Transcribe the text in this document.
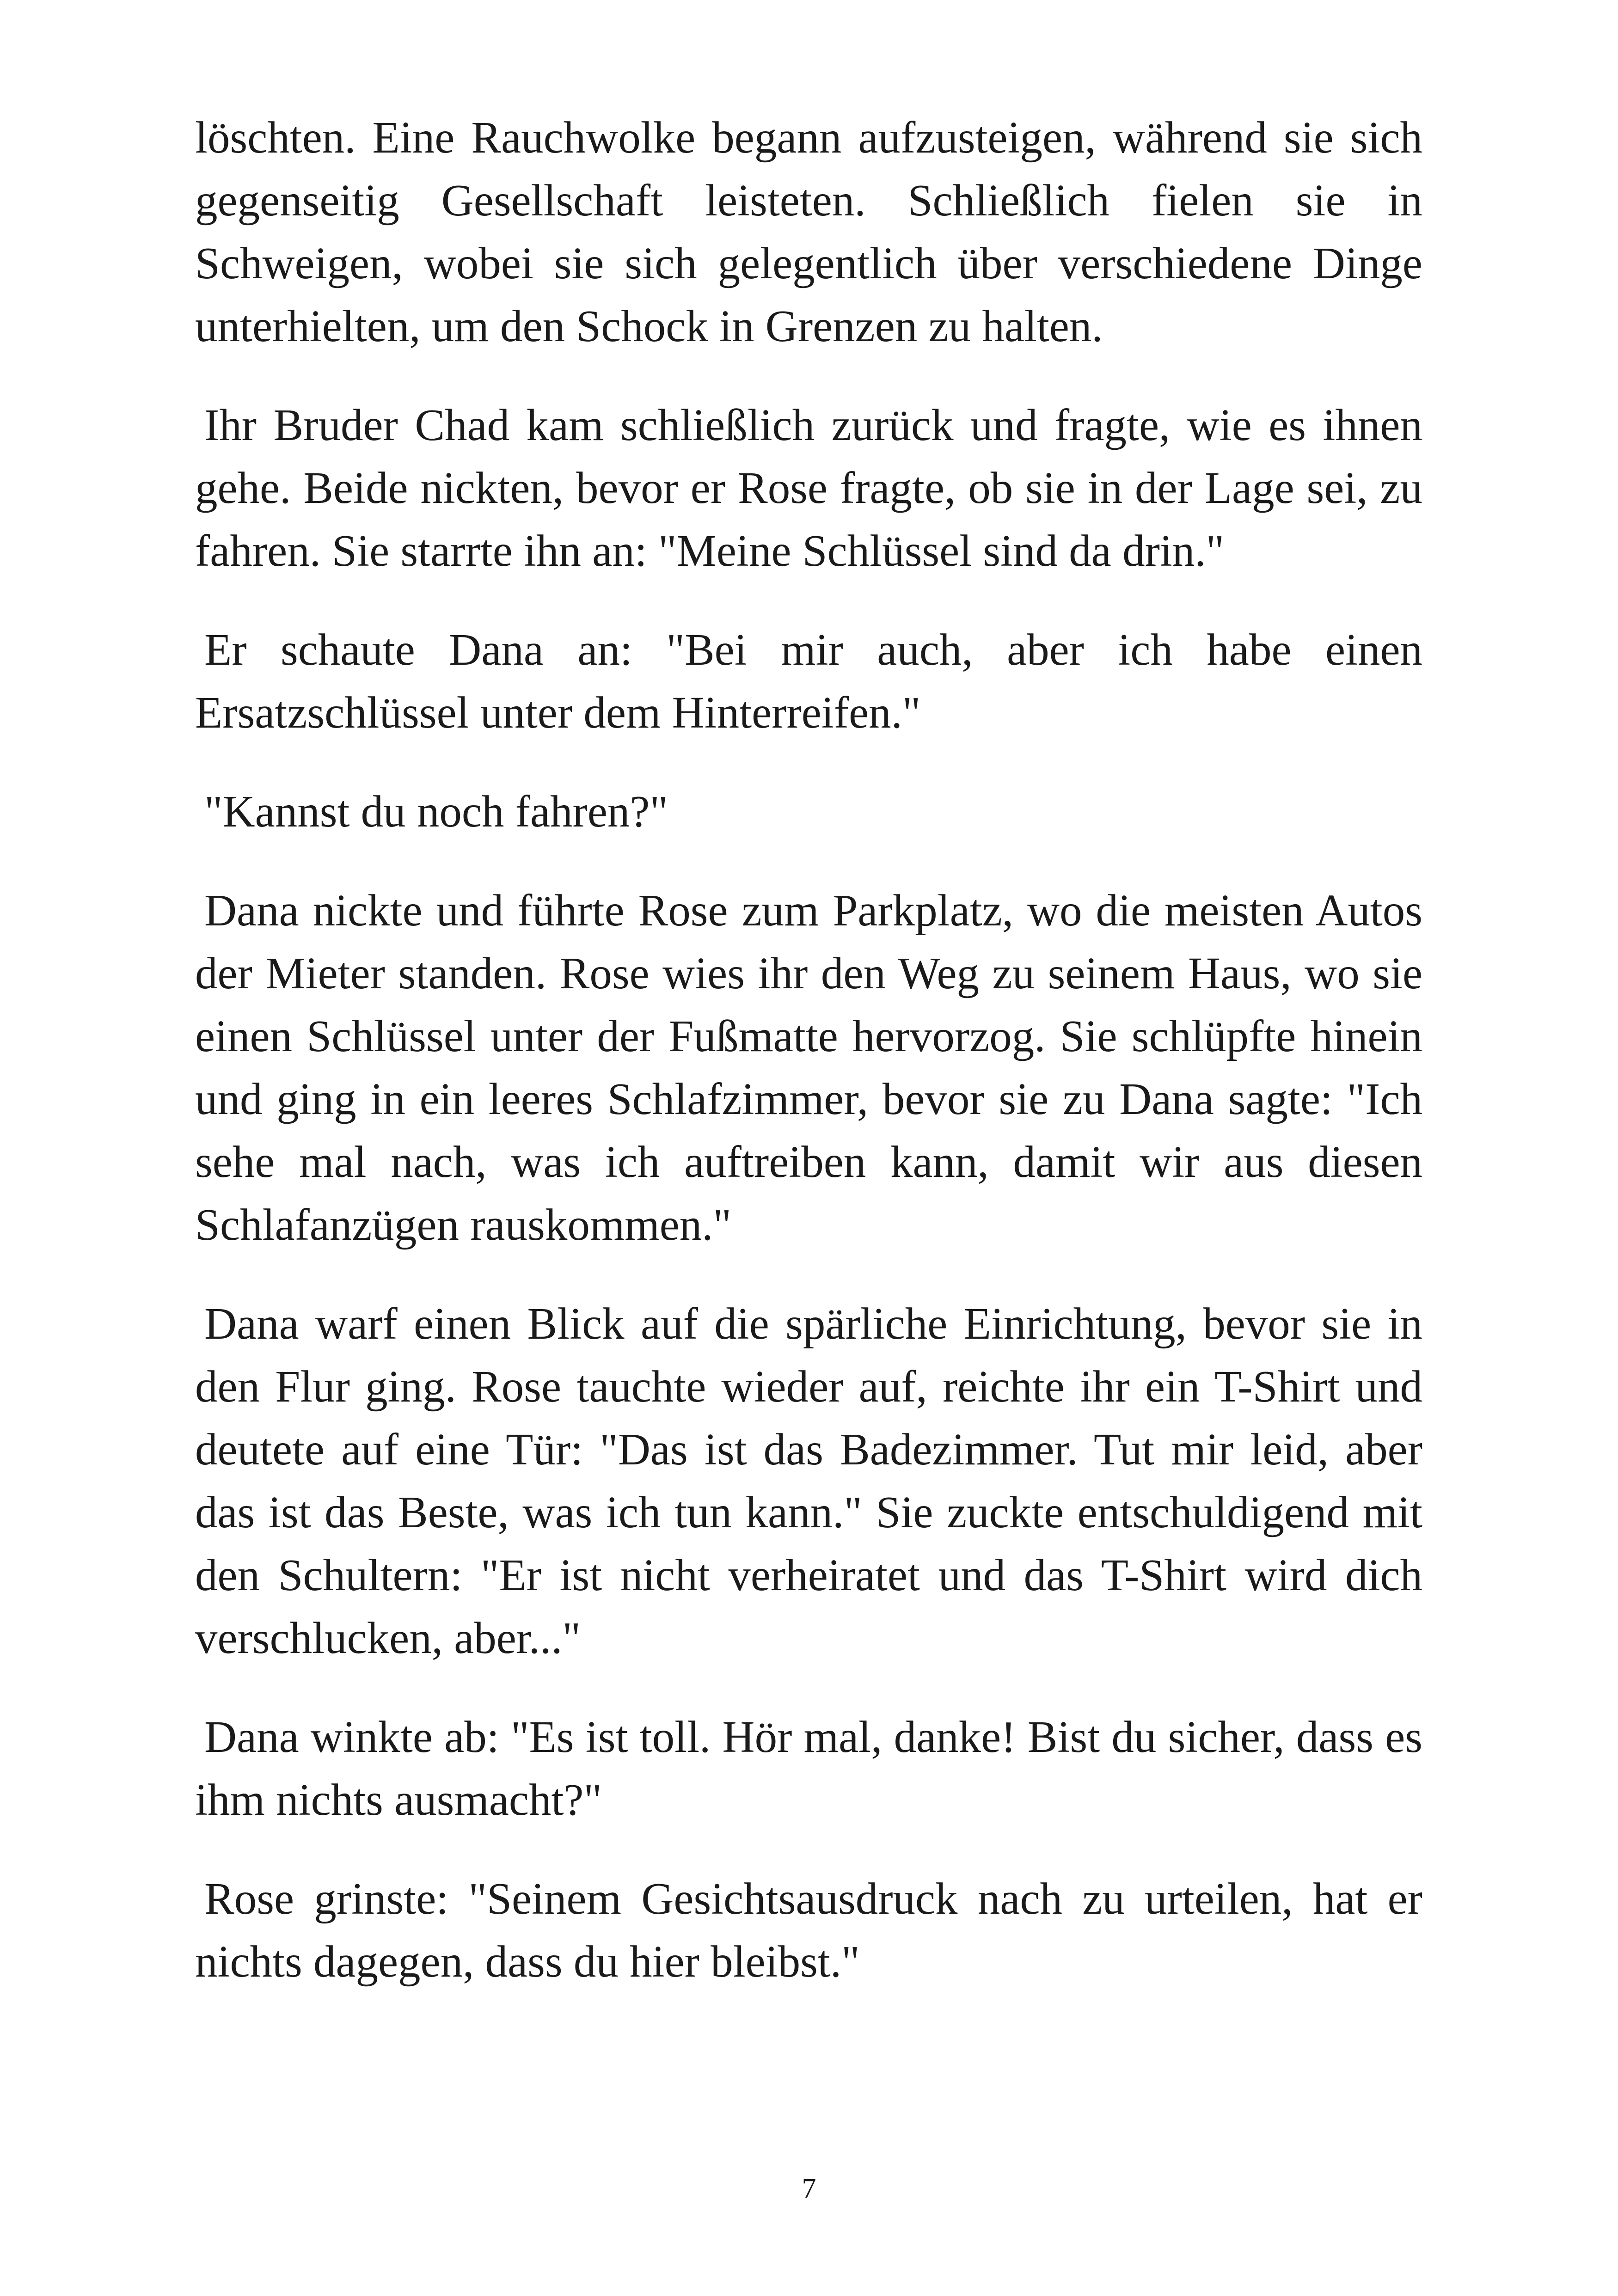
löschten. Eine Rauchwolke begann aufzusteigen, während sie sich gegenseitig Gesellschaft leisteten. Schließlich fielen sie in Schweigen, wobei sie sich gelegentlich über verschiedene Dinge unterhielten, um den Schock in Grenzen zu halten.

Ihr Bruder Chad kam schließlich zurück und fragte, wie es ihnen gehe. Beide nickten, bevor er Rose fragte, ob sie in der Lage sei, zu fahren. Sie starrte ihn an: "Meine Schlüssel sind da drin."

Er schaute Dana an: "Bei mir auch, aber ich habe einen Ersatzschlüssel unter dem Hinterreifen."

"Kannst du noch fahren?"

Dana nickte und führte Rose zum Parkplatz, wo die meisten Autos der Mieter standen. Rose wies ihr den Weg zu seinem Haus, wo sie einen Schlüssel unter der Fußmatte hervorzog. Sie schlüpfte hinein und ging in ein leeres Schlafzimmer, bevor sie zu Dana sagte: "Ich sehe mal nach, was ich auftreiben kann, damit wir aus diesen Schlafanzügen rauskommen."

Dana warf einen Blick auf die spärliche Einrichtung, bevor sie in den Flur ging. Rose tauchte wieder auf, reichte ihr ein T-Shirt und deutete auf eine Tür: "Das ist das Badezimmer. Tut mir leid, aber das ist das Beste, was ich tun kann." Sie zuckte entschuldigend mit den Schultern: "Er ist nicht verheiratet und das T-Shirt wird dich verschlucken, aber..."

Dana winkte ab: "Es ist toll. Hör mal, danke! Bist du sicher, dass es ihm nichts ausmacht?"

Rose grinste: "Seinem Gesichtsausdruck nach zu urteilen, hat er nichts dagegen, dass du hier bleibst."

7
